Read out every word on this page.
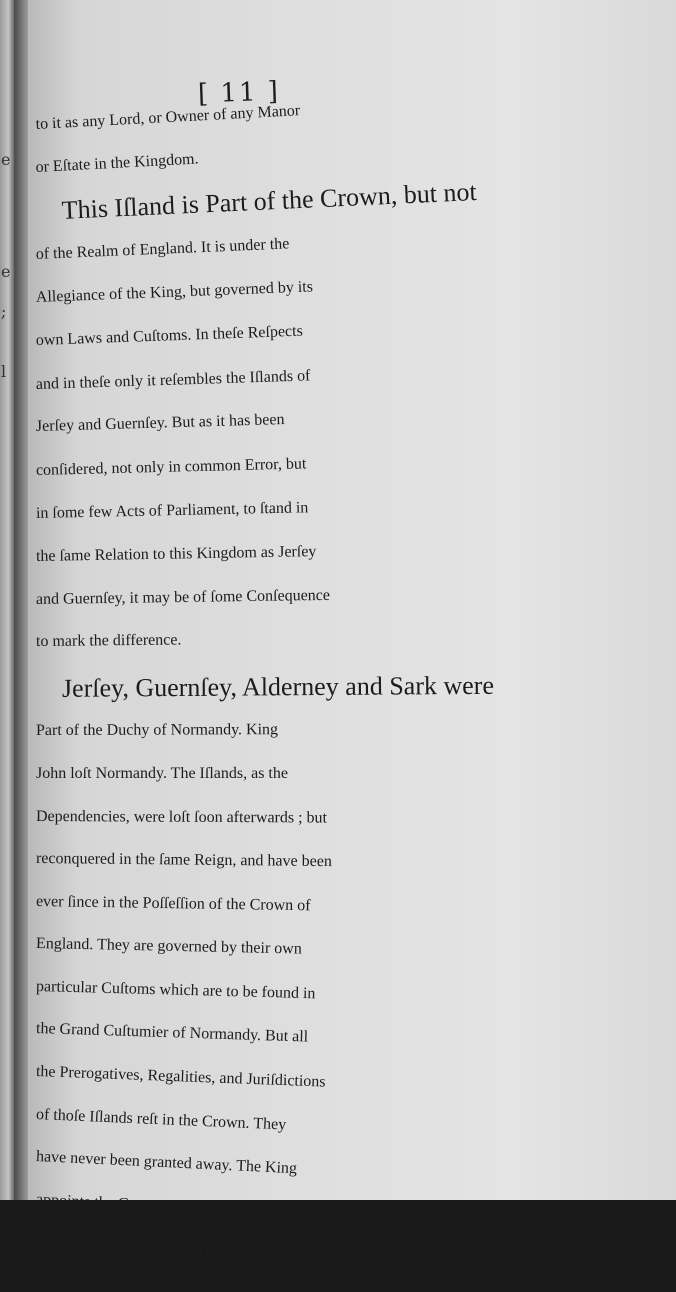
e
e
;
l
[ 11 ]
to it as any Lord, or Owner of any Manor
or Eſtate in the Kingdom.
This Iſland is Part of the Crown, but not
of the Realm of England. It is under the
Allegiance of the King, but governed by its
own Laws and Cuſtoms. In theſe Reſpects
and in theſe only it reſembles the Iſlands of
Jerſey and Guernſey. But as it has been
conſidered, not only in common Error, but
in ſome few Acts of Parliament, to ſtand in
the ſame Relation to this Kingdom as Jerſey
and Guernſey, it may be of ſome Conſequence
to mark the difference.
Jerſey, Guernſey, Alderney and Sark were
Part of the Duchy of Normandy. King
John loſt Normandy. The Iſlands, as the
Dependencies, were loſt ſoon afterwards ; but
reconquered in the ſame Reign, and have been
ever ſince in the Poſſeſſion of the Crown of
England. They are governed by their own
particular Cuſtoms which are to be found in
the Grand Cuſtumier of Normandy. But all
the Prerogatives, Regalities, and Juriſdictions
of thoſe Iſlands reſt in the Crown. They
have never been granted away. The King
appoints the Governor ; has the Juriſdiction
of the Admiralty Courts. The Civil Juſtice
